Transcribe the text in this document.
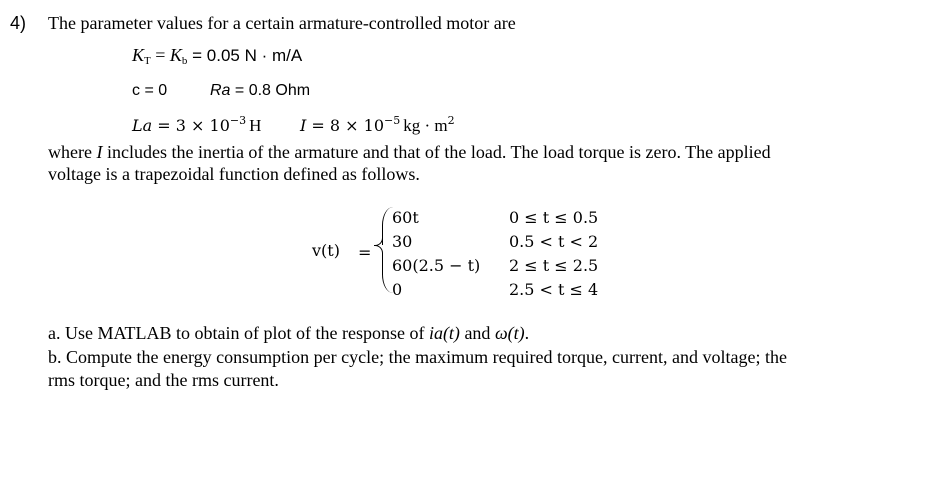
4) The parameter values for a certain armature-controlled motor are
$K_T = K_b = 0.05$ N · m/A
c = 0	Ra = 0.8 Ohm
$La = 3 \times 10^{-3}$ H $I = 8 \times 10^{-5}$ kg · $m^2$
where I includes the inertia of the armature and that of the load. The load torque is zero. The applied
voltage is a trapezoidal function defined as follows.
v(t) =
60t
30
60(2.5 − t)
0
0 ≤ t ≤ 0.5
0.5 < t < 2
2 ≤ t ≤ 2.5
2.5 < t ≤ 4
a. Use MATLAB to obtain of plot of the response of ia(t) and ω(t).
b. Compute the energy consumption per cycle; the maximum required torque, current, and voltage; the
rms torque; and the rms current.
